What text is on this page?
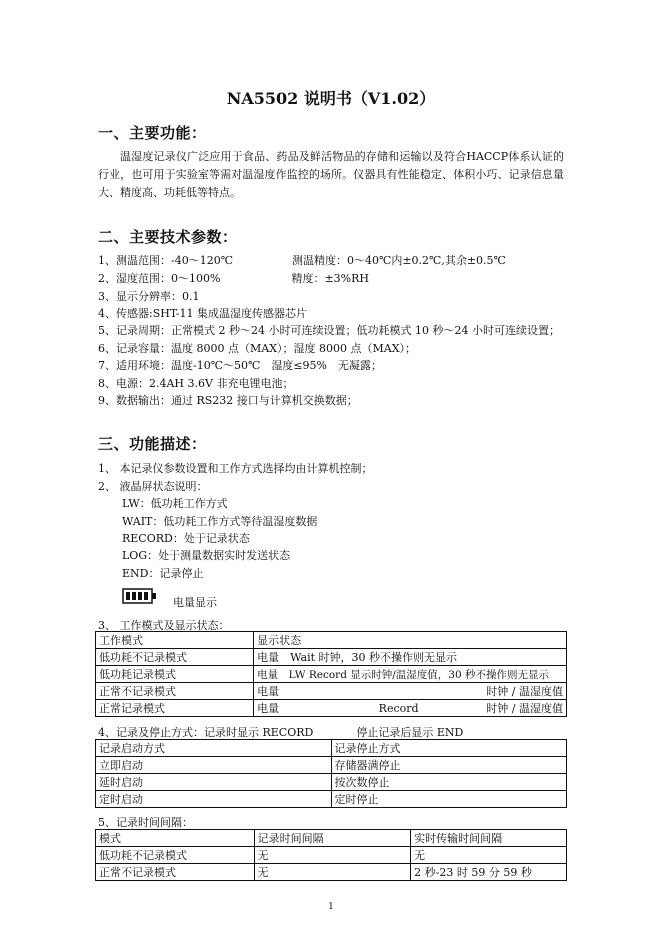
NA5502 说明书（V1.02）
一、主要功能：
温湿度记录仪广泛应用于食品、药品及鲜活物品的存储和运输以及符合HACCP体系认证的行业，也可用于实验室等需对温湿度作监控的场所。仪器具有性能稳定、体积小巧、记录信息量大、精度高、功耗低等特点。
二、主要技术参数：
1、测温范围：-40～120℃	测温精度：0～40℃内±0.2℃,其余±0.5℃
2、湿度范围：0～100%	精度：±3%RH
3、显示分辨率：0.1
4、传感器:SHT-11 集成温湿度传感器芯片
5、记录周期：正常模式 2 秒～24 小时可连续设置；低功耗模式 10 秒～24 小时可连续设置；
6、记录容量：温度 8000 点（MAX）；湿度 8000 点（MAX）；
7、适用环境：温度-10℃～50℃　湿度≤95%　无凝露；
8、电源：2.4AH 3.6V 非充电锂电池；
9、数据输出：通过 RS232 接口与计算机交换数据；
三、功能描述：
1、 本记录仪参数设置和工作方式选择均由计算机控制；
2、 液晶屏状态说明：
LW：低功耗工作方式
WAIT：低功耗工作方式等待温湿度数据
RECORD：处于记录状态
LOG：处于测量数据实时发送状态
END：记录停止
电量显示
3、 工作模式及显示状态：
工作模式	显示状态
低功耗不记录模式	电量　Wait 时钟，30 秒不操作则无显示
低功耗记录模式	电量　LW Record 显示时钟/温湿度值，30 秒不操作则无显示
正常不记录模式	电量 时钟 / 温湿度值

正常记录模式	电量 Record 时钟 / 温湿度值
4、记录及停止方式：记录时显示 RECORD	停止记录后显示 END
记录启动方式	记录停止方式
立即启动	存储器满停止
延时启动	按次数停止
定时启动	定时停止
5、记录时间间隔：
模式	记录时间间隔	实时传输时间间隔
低功耗不记录模式	无	无
正常不记录模式	无	2 秒-23 时 59 分 59 秒
1
